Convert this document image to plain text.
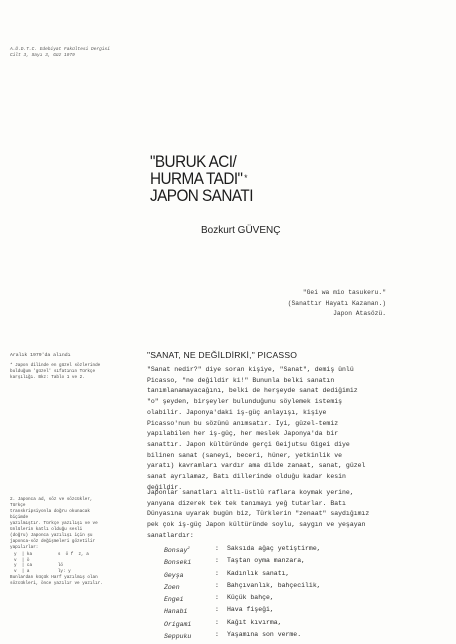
A.Ü.D.T.C. Edebiyat Fakültesi Dergisi
Cilt 3, Sayı 3, Güz 1979
"BURUK ACI/
HURMA TADI" *
JAPON SANATI
Bozkurt GÜVENÇ
"Gei wa mio tasukeru."
(Sanattır Hayatı Kazanan.)
Japon Atasözü.
Aralık 1979'da alındı
* Japon dilinde en güzel sözlerinde bulduğum 'güzel' sıfatının Türkçe karşılığı. Bkz: Tablo 1 ve 2.
2. Japonca ad, söz ve sözcükler, Türkçe
transkripsiyonla doğru okunacak biçimde
yazılmıştır. Türkçe yazılışı ve ve
ünlülerin katlı olduğu sesli
(doğru) Japonca yazılışı için şu
japonca-söz değişmeleri gözetilir
yapılırlar:
y  | ka          s  ö f  z, a
v  | ö
y  | ca          lö
v  | a           ly: y
Bunlardan küçük Harf yazılmış olan sözcükleri, önce yazılır ve yazılır.
"SANAT, NE DEĞİLDİRKİ," PICASSO
"Sanat nedir?" diye soran kişiye, "Sanat", demiş ünlü
Picasso, "ne değildir ki!" Bununla belki sanatın
tanımlanamayacağını, belki de herşeyde sanat dediğimiz
"o" şeyden, birşeyler bulunduğunu söylemek istemiş
olabilir. Japonya'daki iş-güç anlayışı, kişiye
Picasso'nun bu sözünü anımsatır. İyi, güzel-temiz
yapılabilen her iş-güç, her meslek Japonya'da bir
sanattır. Japon kültüründe gerçi Geijutsu Gigei diye
bilinen sanat (saneyi, beceri, hüner, yetkinlik ve
yaratı) kavramları vardır ama dilde zanaat, sanat, güzel
sanat ayrılamaz, Batı dillerinde olduğu kadar kesin
değildir.
Japonlar sanatları altlı-üstlü raflara koymak yerine,
yanyana dizerek tek tek tanımayı yeğ tutarlar. Batı
Dünyasına uyarak bugün biz, Türklerin "zenaat" saydığımız
pek çok iş-güç Japon kültüründe soylu, saygın ve yeşayan
sanatlardır:
Bonsay$^2$	: Saksıda ağaç yetiştirme,
Bonseki	: Taştan oyma manzara,
Geyşa	: Kadınlık sanatı,
Zoen	: Bahçıvanlık, bahçecilik,
Engei	: Küçük bahçe,
Hanabi	: Hava fişeği,
Origami	: Kağıt kıvırma,
Seppuku	: Yaşamına son verme.
